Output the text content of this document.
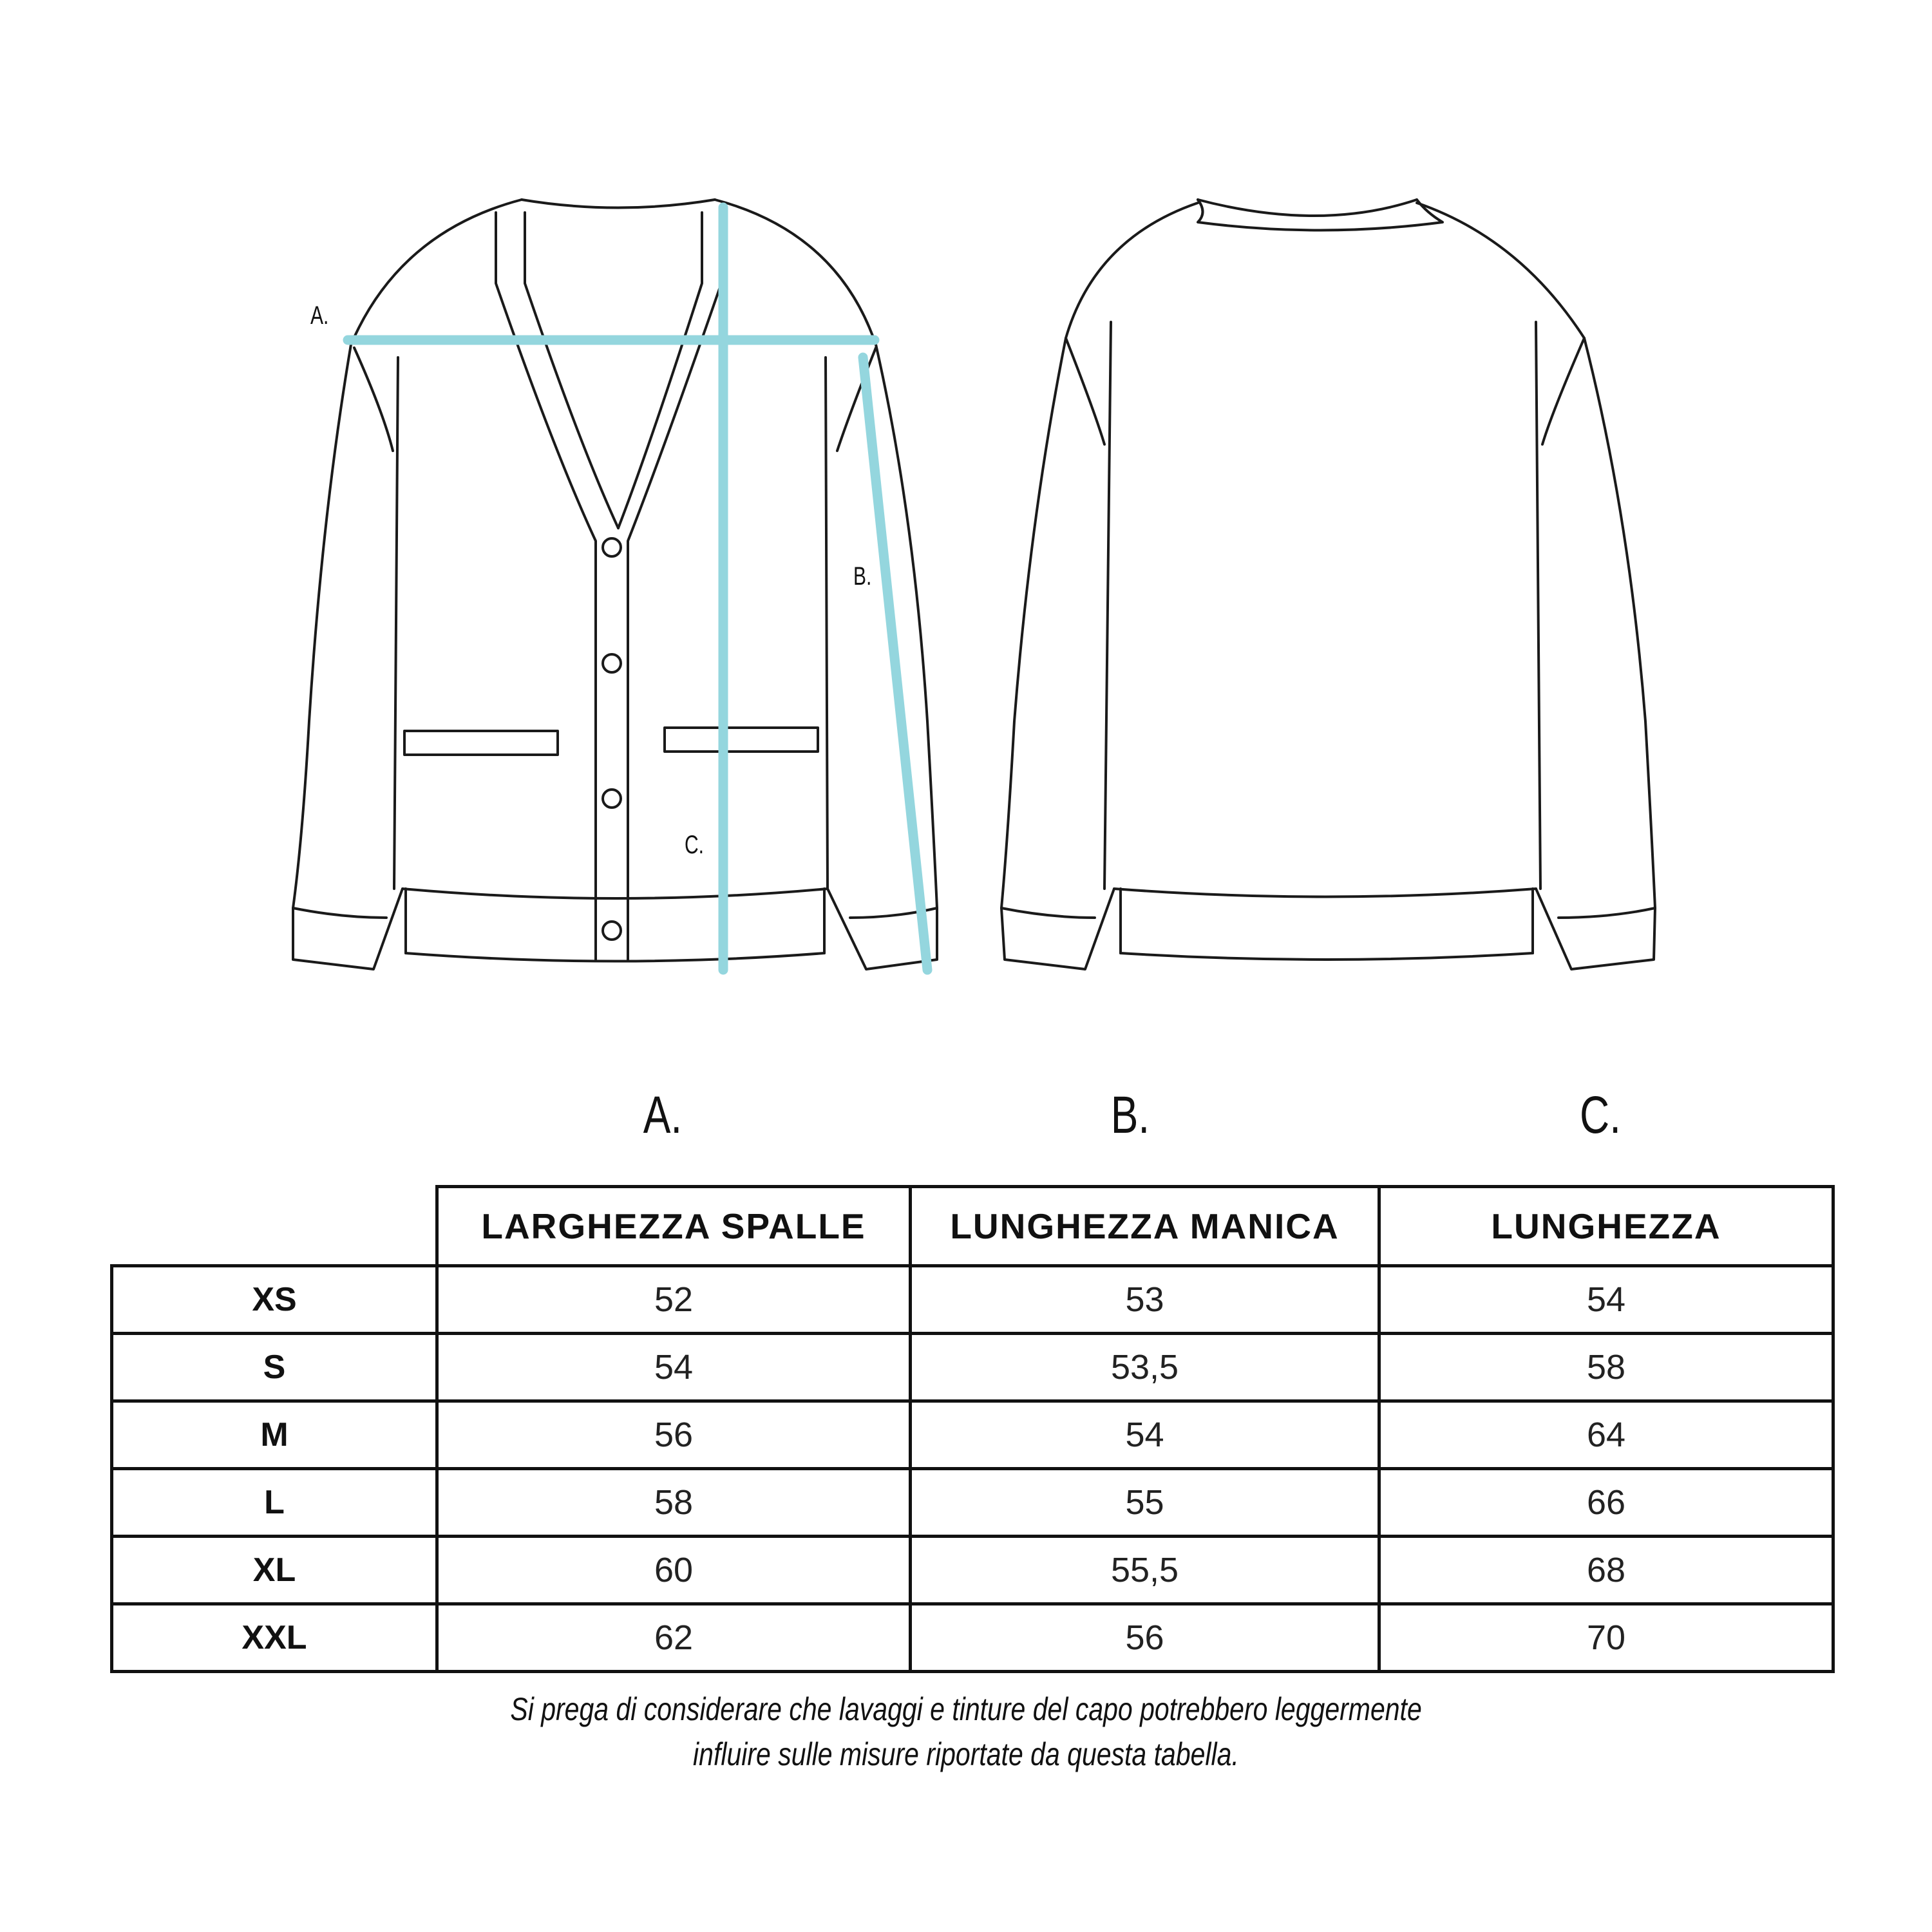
A.
B.
C.
A.	B.	C.
	LARGHEZZA SPALLE	LUNGHEZZA MANICA	LUNGHEZZA
XS	52	53	54
S	54	53,5	58
M	56	54	64
L	58	55	66
XL	60	55,5	68
XXL	62	56	70
Si prega di considerare che lavaggi e tinture del capo potrebbero leggermente
influire sulle misure riportate da questa tabella.
